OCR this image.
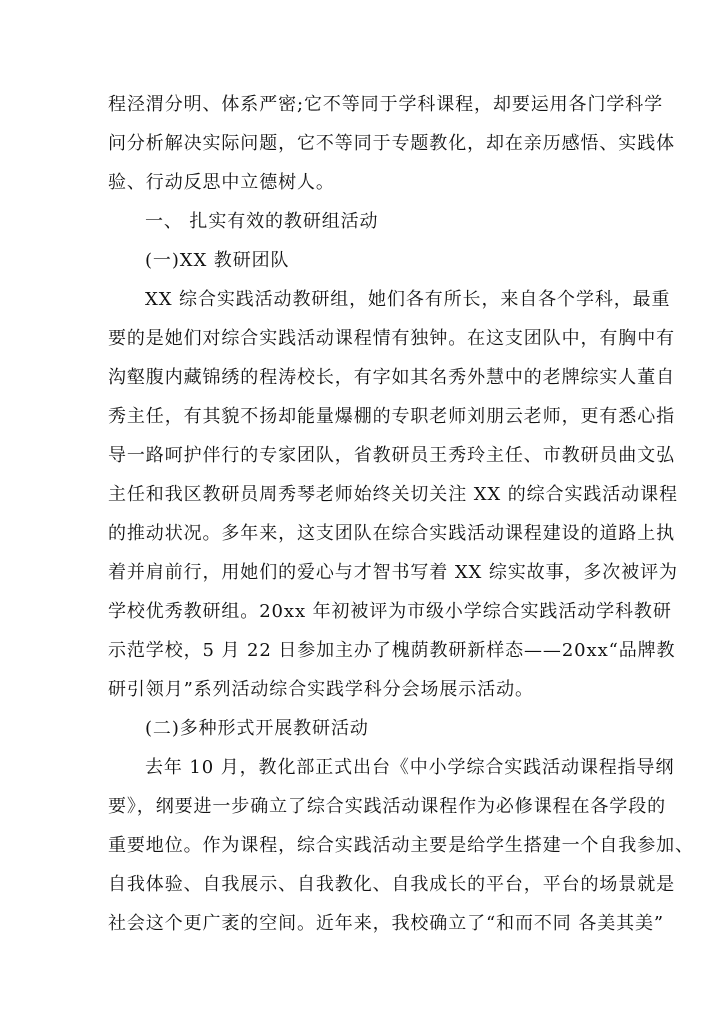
程泾渭分明、体系严密;它不等同于学科课程，却要运用各门学科学
问分析解决实际问题，它不等同于专题教化，却在亲历感悟、实践体
验、行动反思中立德树人。
一、 扎实有效的教研组活动
(一)XX 教研团队
XX 综合实践活动教研组，她们各有所长，来自各个学科，最重
要的是她们对综合实践活动课程情有独钟。在这支团队中，有胸中有
沟壑腹内藏锦绣的程涛校长，有字如其名秀外慧中的老牌综实人董自
秀主任，有其貌不扬却能量爆棚的专职老师刘朋云老师，更有悉心指
导一路呵护伴行的专家团队，省教研员王秀玲主任、市教研员曲文弘
主任和我区教研员周秀琴老师始终关切关注 XX 的综合实践活动课程
的推动状况。多年来，这支团队在综合实践活动课程建设的道路上执
着并肩前行，用她们的爱心与才智书写着 XX 综实故事，多次被评为
学校优秀教研组。20xx 年初被评为市级小学综合实践活动学科教研
示范学校，5 月 22 日参加主办了槐荫教研新样态——20xx“品牌教
研引领月”系列活动综合实践学科分会场展示活动。
(二)多种形式开展教研活动
去年 10 月，教化部正式出台《中小学综合实践活动课程指导纲
要》，纲要进一步确立了综合实践活动课程作为必修课程在各学段的
重要地位。作为课程，综合实践活动主要是给学生搭建一个自我参加、
自我体验、自我展示、自我教化、自我成长的平台，平台的场景就是
社会这个更广袤的空间。近年来，我校确立了“和而不同 各美其美”
